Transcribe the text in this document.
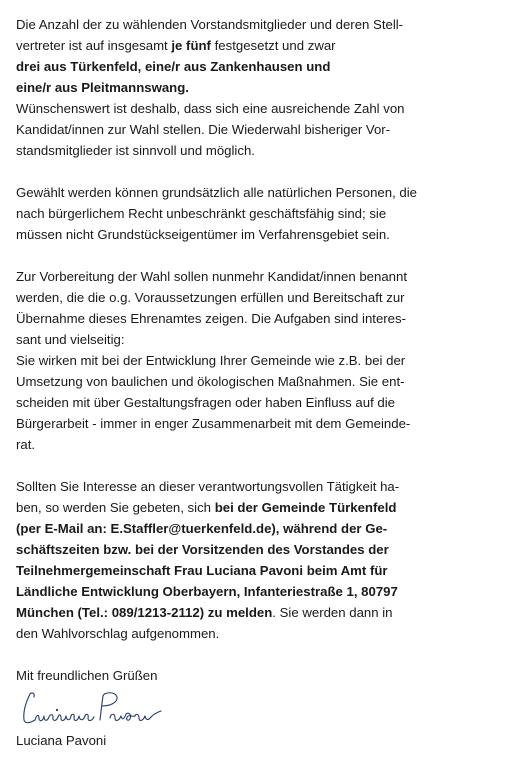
Die Anzahl der zu wählenden Vorstandsmitglieder und deren Stell-
vertreter ist auf insgesamt je fünf festgesetzt und zwar
drei aus Türkenfeld, eine/r aus Zankenhausen und
eine/r aus Pleitmannswang.
Wünschenswert ist deshalb, dass sich eine ausreichende Zahl von
Kandidat/innen zur Wahl stellen. Die Wiederwahl bisheriger Vor-
standsmitglieder ist sinnvoll und möglich.

Gewählt werden können grundsätzlich alle natürlichen Personen, die
nach bürgerlichem Recht unbeschränkt geschäftsfähig sind; sie
müssen nicht Grundstückseigentümer im Verfahrensgebiet sein.

Zur Vorbereitung der Wahl sollen nunmehr Kandidat/innen benannt
werden, die die o.g. Voraussetzungen erfüllen und Bereitschaft zur
Übernahme dieses Ehrenamtes zeigen. Die Aufgaben sind interes-
sant und vielseitig:
Sie wirken mit bei der Entwicklung Ihrer Gemeinde wie z.B. bei der
Umsetzung von baulichen und ökologischen Maßnahmen. Sie ent-
scheiden mit über Gestaltungsfragen oder haben Einfluss auf die
Bürgerarbeit - immer in enger Zusammenarbeit mit dem Gemeinde-
rat.

Sollten Sie Interesse an dieser verantwortungsvollen Tätigkeit ha-
ben, so werden Sie gebeten, sich bei der Gemeinde Türkenfeld
(per E-Mail an: E.Staffler@tuerkenfeld.de), während der Ge-
schäftszeiten bzw. bei der Vorsitzenden des Vorstandes der
Teilnehmergemeinschaft Frau Luciana Pavoni beim Amt für
Ländliche Entwicklung Oberbayern, Infanteriestraße 1, 80797
München (Tel.: 089/1213-2112) zu melden. Sie werden dann in
den Wahlvorschlag aufgenommen.

Mit freundlichen Grüßen

Luciana Pavoni
